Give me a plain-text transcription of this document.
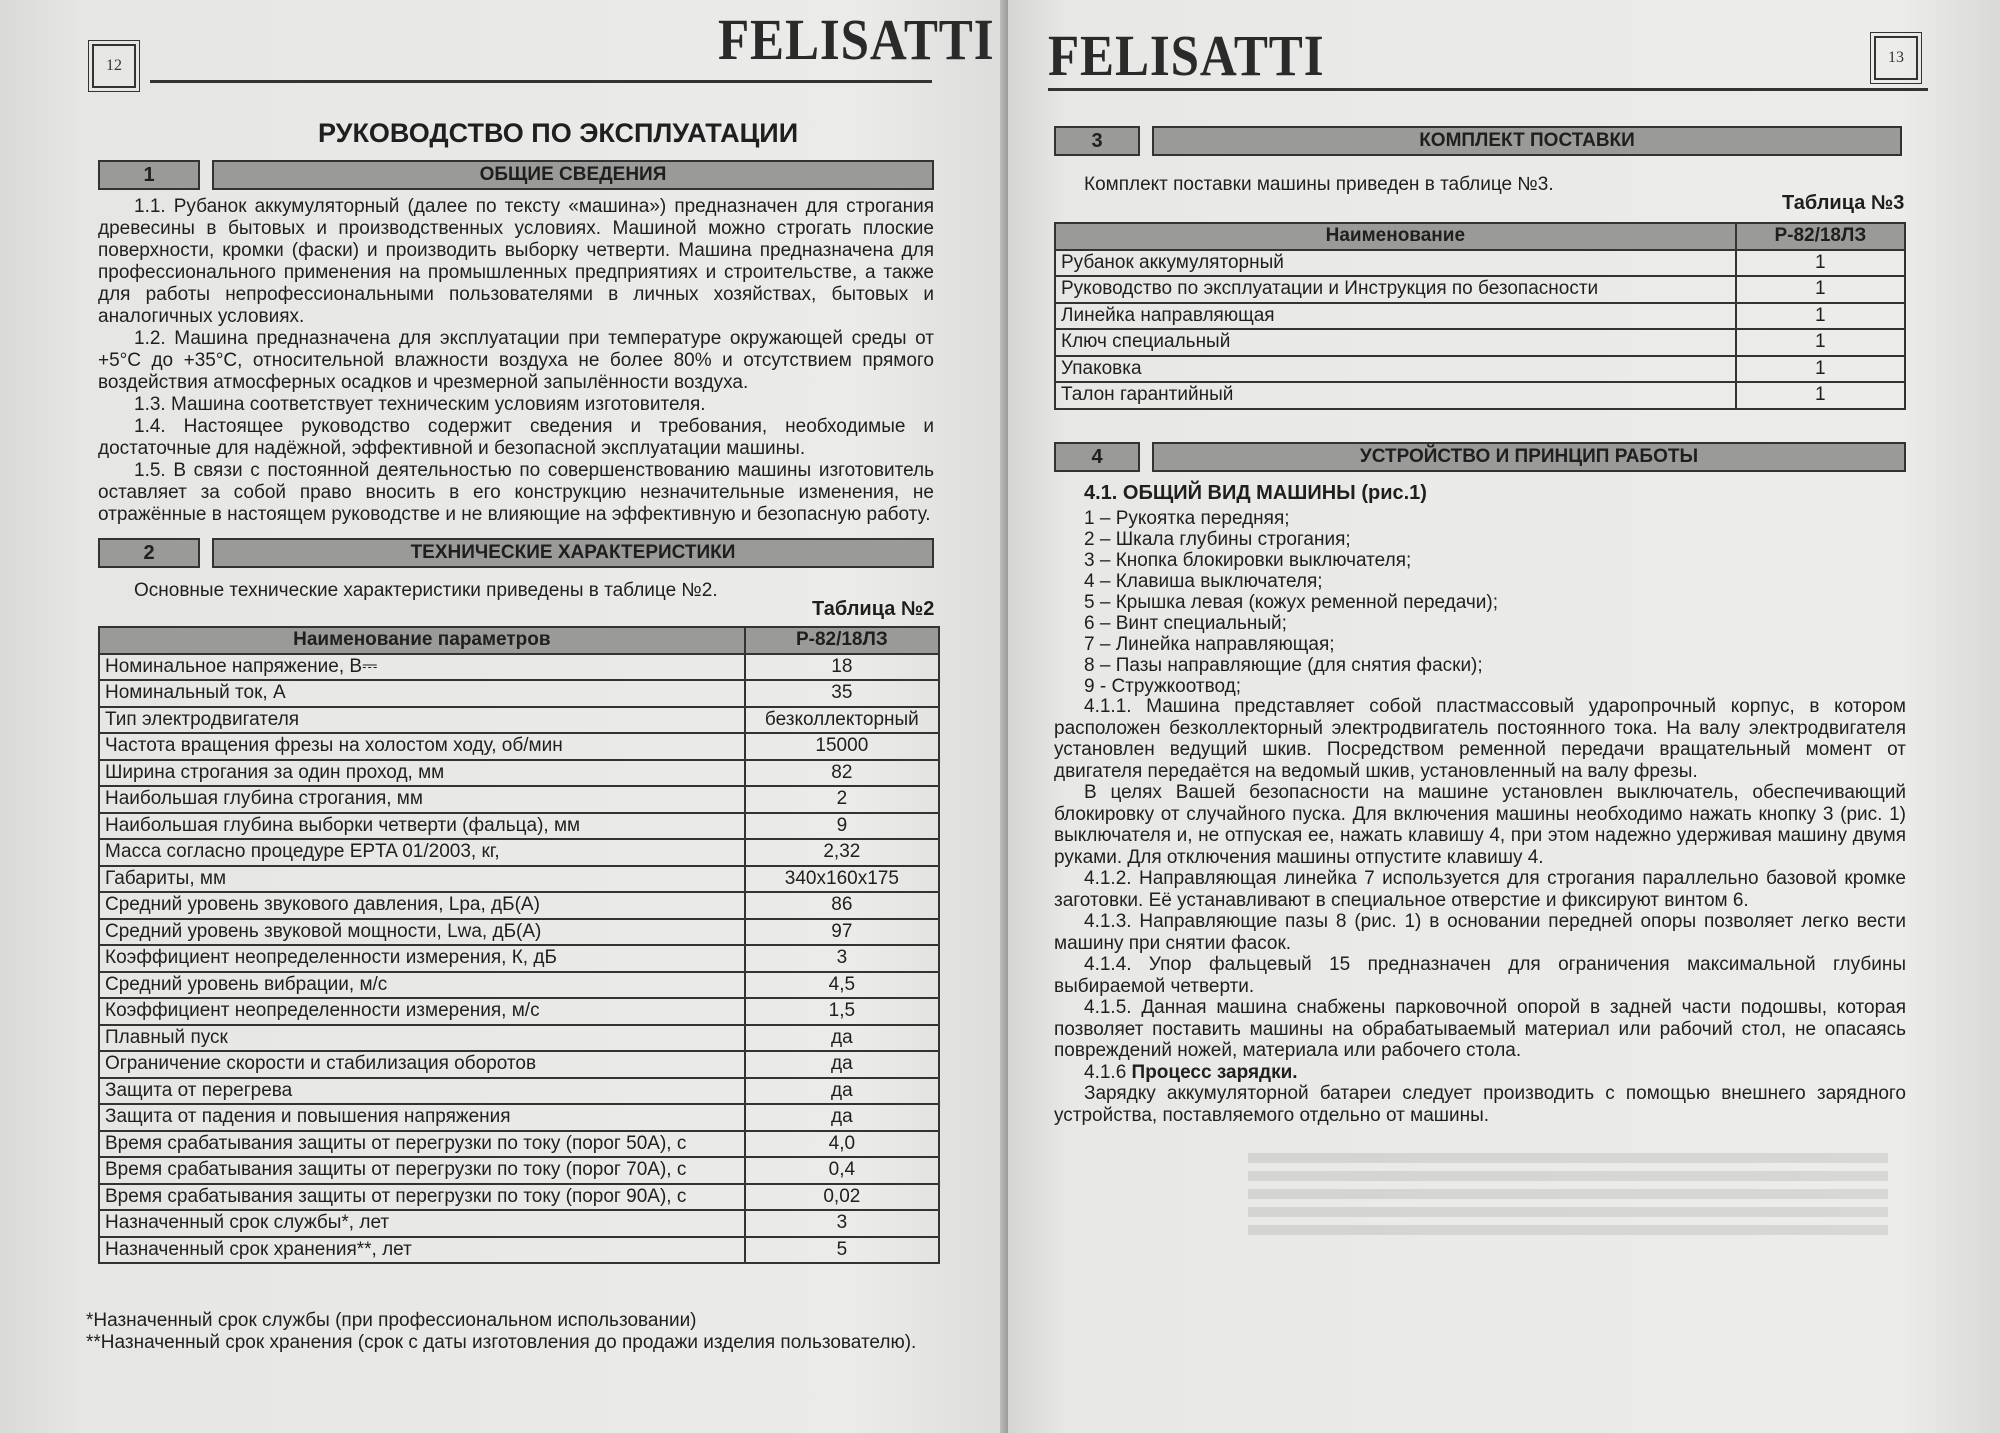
12	FELISATTI
РУКОВОДСТВО ПО ЭКСПЛУАТАЦИИ
1	ОБЩИЕ СВЕДЕНИЯ

1.1. Рубанок аккумуляторный (далее по тексту «машина») предназначен для строгания древесины в бытовых и производственных условиях. Машиной можно строгать плоские поверхности, кромки (фаски) и производить выборку четверти. Машина предназначена для профессионального применения на промышленных предприятиях и строительстве, а также для работы непрофессиональными пользователями в личных хозяйствах, бытовых и аналогичных условиях.

1.2. Машина предназначена для эксплуатации при температуре окружающей среды от +5°С до +35°С, относительной влажности воздуха не более 80% и отсутствием прямого воздействия атмосферных осадков и чрезмерной запылённости воздуха.

1.3. Машина соответствует техническим условиям изготовителя.

1.4. Настоящее руководство содержит сведения и требования, необходимые и достаточные для надёжной, эффективной и безопасной эксплуатации машины.

1.5. В связи с постоянной деятельностью по совершенствованию машины изготовитель оставляет за собой право вносить в его конструкцию незначительные изменения, не отражённые в настоящем руководстве и не влияющие на эффективную и безопасную работу.

2	ТЕХНИЧЕСКИЕ ХАРАКТЕРИСТИКИ

Основные технические характеристики приведены в таблице №2.

Таблица №2
Наименование параметров	Р-82/18ЛЗ
Номинальное напряжение, В⎓	18
Номинальный ток, А	35
Тип электродвигателя	безколлекторный
Частота вращения фрезы на холостом ходу, об/мин	15000
Ширина строгания за один проход, мм	82
Наибольшая глубина строгания, мм	2
Наибольшая глубина выборки четверти (фальца), мм	9
Масса согласно процедуре EPTA 01/2003, кг,	2,32
Габариты, мм	340х160х175
Средний уровень звукового давления, Lpa, дБ(А)	86
Средний уровень звуковой мощности, Lwa, дБ(А)	97
Коэффициент неопределенности измерения, К, дБ	3
Средний уровень вибрации, м/с	4,5
Коэффициент неопределенности измерения, м/с	1,5
Плавный пуск	да
Ограничение скорости и стабилизация оборотов	да
Защита от перегрева	да
Защита от падения и повышения напряжения	да
Время срабатывания защиты от перегрузки по току (порог 50А), с	4,0
Время срабатывания защиты от перегрузки по току (порог 70А), с	0,4
Время срабатывания защиты от перегрузки по току (порог 90А), с	0,02
Назначенный срок службы*, лет	3
Назначенный срок хранения**, лет	5
*Назначенный срок службы (при профессиональном использовании)
**Назначенный срок хранения (срок с даты изготовления до продажи изделия пользователю).
FELISATTI	13
3	КОМПЛЕКТ ПОСТАВКИ

Комплект поставки машины приведен в таблице №3.

Таблица №3
Наименование	Р-82/18ЛЗ
Рубанок аккумуляторный	1
Руководство по эксплуатации и Инструкция по безопасности	1
Линейка направляющая	1
Ключ специальный	1
Упаковка	1
Талон гарантийный	1
4	УСТРОЙСТВО И ПРИНЦИП РАБОТЫ
4.1. ОБЩИЙ ВИД МАШИНЫ (рис.1)
1 – Рукоятка передняя;
2 – Шкала глубины строгания;
3 – Кнопка блокировки выключателя;
4 – Клавиша выключателя;
5 – Крышка левая (кожух ременной передачи);
6 – Винт специальный;
7 – Линейка направляющая;
8 – Пазы направляющие (для снятия фаски);
9 - Стружкоотвод;

4.1.1. Машина представляет собой пластмассовый ударопрочный корпус, в котором расположен безколлекторный электродвигатель постоянного тока. На валу электродвигателя установлен ведущий шкив. Посредством ременной передачи вращательный момент от двигателя передаётся на ведомый шкив, установленный на валу фрезы.

В целях Вашей безопасности на машине установлен выключатель, обеспечивающий блокировку от случайного пуска. Для включения машины необходимо нажать кнопку 3 (рис. 1) выключателя и, не отпуская ее, нажать клавишу 4, при этом надежно удерживая машину двумя руками. Для отключения машины отпустите клавишу 4.

4.1.2. Направляющая линейка 7 используется для строгания параллельно базовой кромке заготовки. Её устанавливают в специальное отверстие и фиксируют винтом 6.

4.1.3. Направляющие пазы 8 (рис. 1) в основании передней опоры позволяет легко вести машину при снятии фасок.

4.1.4. Упор фальцевый 15 предназначен для ограничения максимальной глубины выбираемой четверти.

4.1.5. Данная машина снабжены парковочной опорой в задней части подошвы, которая позволяет поставить машины на обрабатываемый материал или рабочий стол, не опасаясь повреждений ножей, материала или рабочего стола.

4.1.6 Процесс зарядки.

Зарядку аккумуляторной батареи следует производить с помощью внешнего зарядного устройства, поставляемого отдельно от машины.
